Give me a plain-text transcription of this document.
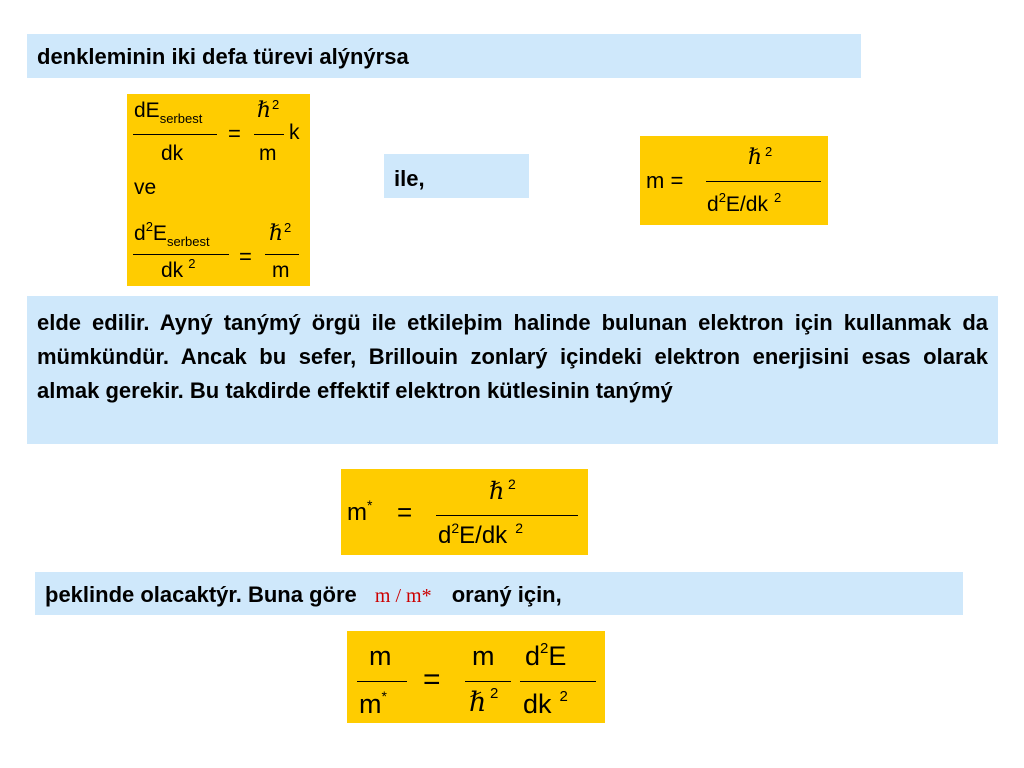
denkleminin iki defa türevi alýnýrsa
$dE_{serbest}$
dk
=
ℏ 2
m
k
ve
$d^2E_{serbest}$
dk $^2$ =
ℏ 2
m
ile,	m =
ℏ 2
$d^2E/dk$ $^2$
elde edilir. Ayný tanýmý örgü ile etkileþim halinde bulunan elektron için kullanmak da mümkündür. Ancak bu sefer, Brillouin zonlarý içindeki elektron enerjisini esas olarak almak gerekir. Bu takdirde effektif elektron kütlesinin tanýmý
m* =
ℏ 2
$d^2E/dk$ $^2$
þeklinde olacaktýr. Buna göre m / m* oraný için,
m
m* =
m
ℏ 2
$d^2E$
dk $^2$
